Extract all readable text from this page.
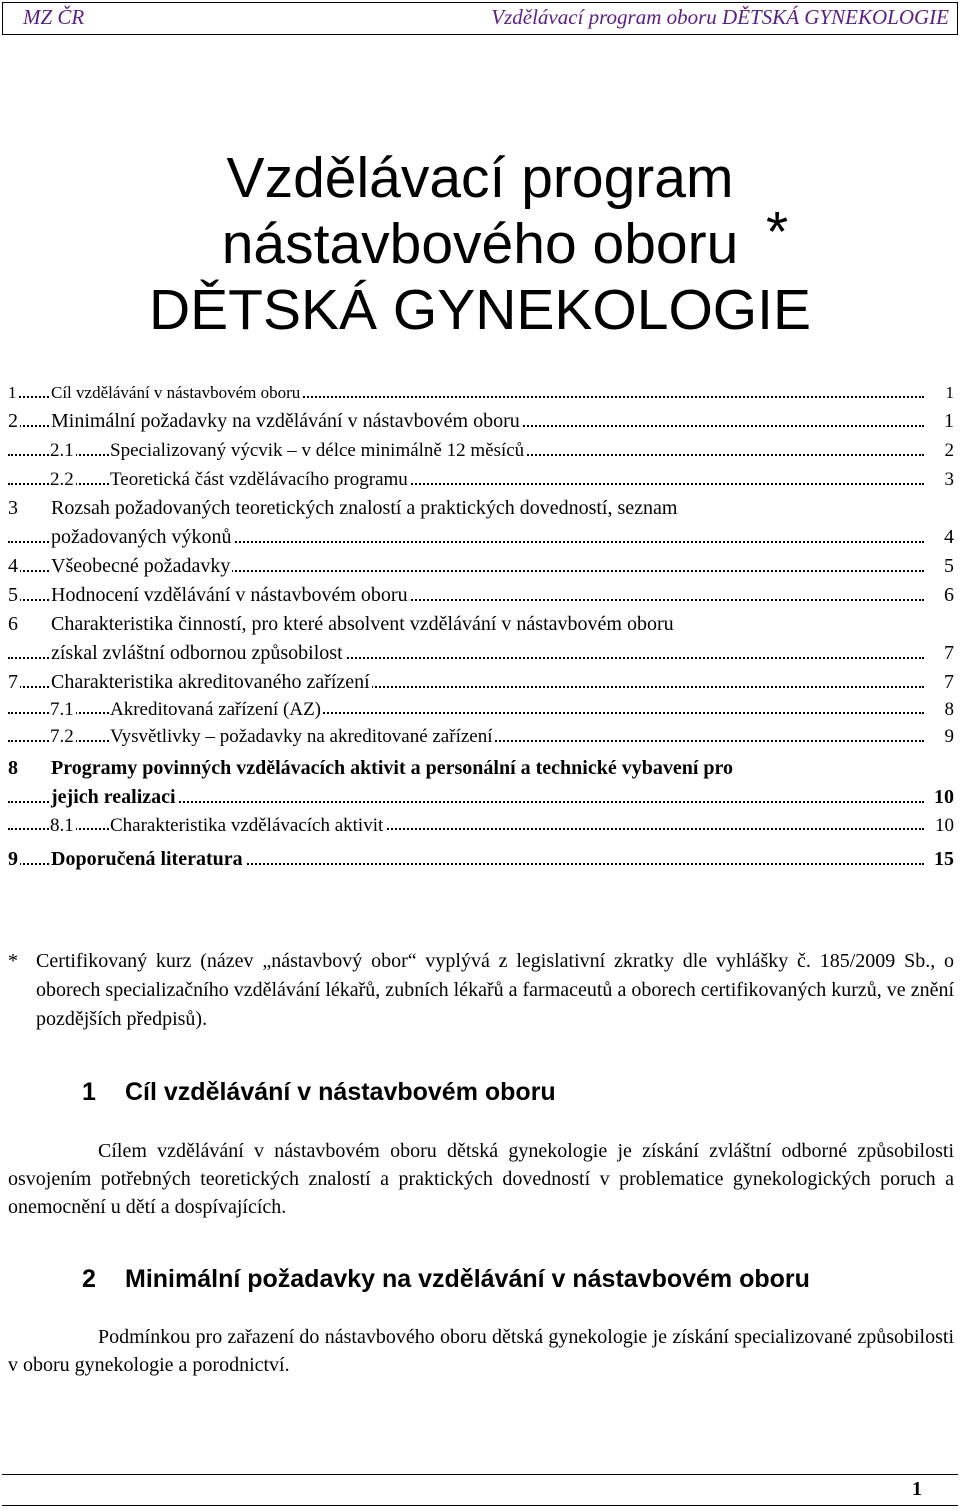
MZ ČR	Vzdělávací program oboru DĚTSKÁ GYNEKOLOGIE
Vzdělávací program
nástavbového oboru
DĚTSKÁ GYNEKOLOGIE
*
1 Cíl vzdělávání v nástavbovém oboru	1
2 Minimální požadavky na vzdělávání v nástavbovém oboru	1
2.1 Specializovaný výcvik – v délce minimálně 12 měsíců	2
2.2 Teoretická část vzdělávacího programu	3
3 Rozsah požadovaných teoretických znalostí a praktických dovedností, seznam
požadovaných výkonů	4
4 Všeobecné požadavky	5
5 Hodnocení vzdělávání v nástavbovém oboru	6
6 Charakteristika činností, pro které absolvent vzdělávání v nástavbovém oboru
získal zvláštní odbornou způsobilost	7
7 Charakteristika akreditovaného zařízení	7
7.1 Akreditovaná zařízení (AZ)	8
7.2 Vysvětlivky – požadavky na akreditované zařízení	9
8 Programy povinných vzdělávacích aktivit a personální a technické vybavení pro
jejich realizaci	10
8.1 Charakteristika vzdělávacích aktivit	10
9 Doporučená literatura	15
* Certifikovaný kurz (název „nástavbový obor“ vyplývá z legislativní zkratky dle vyhlášky č. 185/2009 Sb., o oborech specializačního vzdělávání lékařů, zubních lékařů a farmaceutů a oborech certifikovaných kurzů, ve znění pozdějších předpisů).
1 Cíl vzdělávání v nástavbovém oboru
Cílem vzdělávání v nástavbovém oboru dětská gynekologie je získání zvláštní odborné způsobilosti osvojením potřebných teoretických znalostí a praktických dovedností v problematice gynekologických poruch a onemocnění u dětí a dospívajících.
2 Minimální požadavky na vzdělávání v nástavbovém oboru
Podmínkou pro zařazení do nástavbového oboru dětská gynekologie je získání specializované způsobilosti v oboru gynekologie a porodnictví.
1
